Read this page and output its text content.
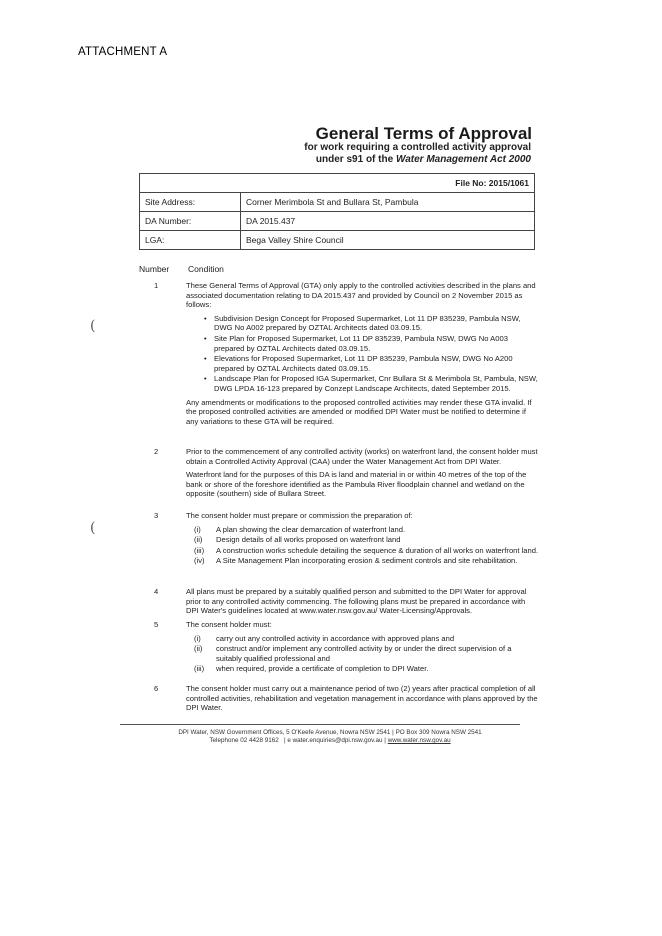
ATTACHMENT A
General Terms of Approval
for work requiring a controlled activity approval
under s91 of the Water Management Act 2000
File No: 2015/1061	
Site Address:	Corner Merimbola St and Bullara St, Pambula
DA Number:	DA 2015.437
LGA:	Bega Valley Shire Council
Number Condition
1	These General Terms of Approval (GTA) only apply to the controlled activities described in the plans and associated documentation relating to DA 2015.437 and provided by Council on 2 November 2015 as follows:

• Subdivision Design Concept for Proposed Supermarket, Lot 11 DP 835239, Pambula NSW, DWG No A002 prepared by OZTAL Architects dated 03.09.15.
• Site Plan for Proposed Supermarket, Lot 11 DP 835239, Pambula NSW, DWG No A003 prepared by OZTAL Architects dated 03.09.15.
• Elevations for Proposed Supermarket, Lot 11 DP 835239, Pambula NSW, DWG No A200 prepared by OZTAL Architects dated 03.09.15.
• Landscape Plan for Proposed IGA Supermarket, Cnr Bullara St & Merimbola St, Pambula, NSW, DWG LPDA 16-123 prepared by Conzept Landscape Architects, dated September 2015.

Any amendments or modifications to the proposed controlled activities may render these GTA invalid. If the proposed controlled activities are amended or modified DPI Water must be notified to determine if any variations to these GTA will be required.

2	Prior to the commencement of any controlled activity (works) on waterfront land, the consent holder must obtain a Controlled Activity Approval (CAA) under the Water Management Act from DPI Water.

Waterfront land for the purposes of this DA is land and material in or within 40 metres of the top of the bank or shore of the foreshore identified as the Pambula River floodplain channel and wetland on the opposite (southern) side of Bullara Street.

3	The consent holder must prepare or commission the preparation of:

(i) A plan showing the clear demarcation of waterfront land.
(ii) Design details of all works proposed on waterfront land
(iii) A construction works schedule detailing the sequence & duration of all works on waterfront land.
(iv) A Site Management Plan incorporating erosion & sediment controls and site rehabilitation.
4	All plans must be prepared by a suitably qualified person and submitted to the DPI Water for approval prior to any controlled activity commencing. The following plans must be prepared in accordance with DPI Water's guidelines located at www.water.nsw.gov.au/ Water-Licensing/Approvals.

5	The consent holder must:

(i) carry out any controlled activity in accordance with approved plans and
(ii) construct and/or implement any controlled activity by or under the direct supervision of a suitably qualified professional and
(iii) when required, provide a certificate of completion to DPI Water.
6	The consent holder must carry out a maintenance period of two (2) years after practical completion of all controlled activities, rehabilitation and vegetation management in accordance with plans approved by the DPI Water.

(
(
DPI Water, NSW Government Offices, 5 O'Keefe Avenue, Nowra NSW 2541 | PO Box 309 Nowra NSW 2541
Telephone 02 4428 9162 | e water.enquiries@dpi.nsw.gov.au | www.water.nsw.gov.au
